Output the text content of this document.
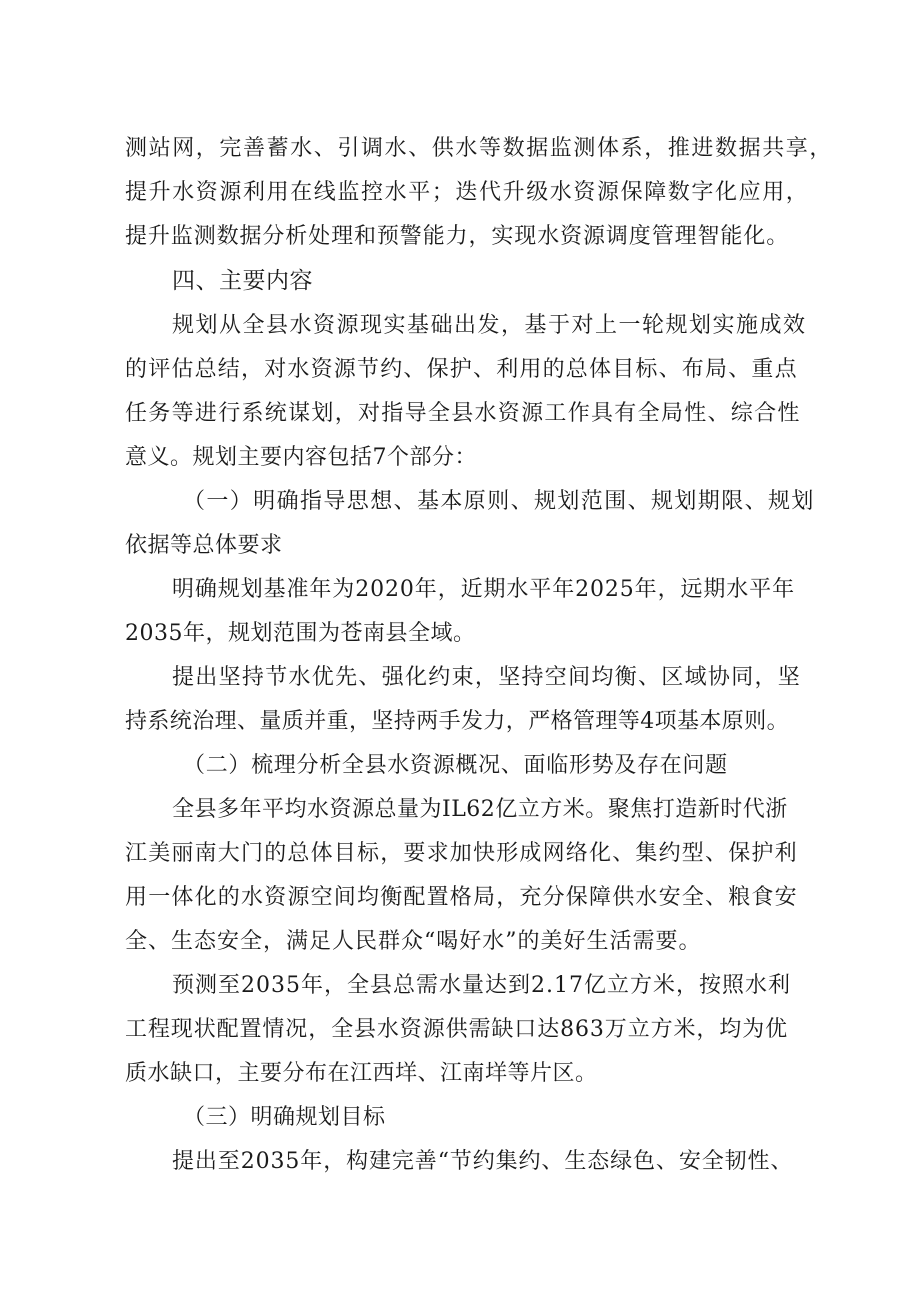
测站网，完善蓄水、引调水、供水等数据监测体系，推进数据共享，
提升水资源利用在线监控水平；迭代升级水资源保障数字化应用，
提升监测数据分析处理和预警能力，实现水资源调度管理智能化。
四、主要内容
规划从全县水资源现实基础出发，基于对上一轮规划实施成效
的评估总结，对水资源节约、保护、利用的总体目标、布局、重点
任务等进行系统谋划，对指导全县水资源工作具有全局性、综合性
意义。规划主要内容包括7个部分：
（一）明确指导思想、基本原则、规划范围、规划期限、规划
依据等总体要求
明确规划基准年为2020年，近期水平年2025年，远期水平年
2035年，规划范围为苍南县全域。
提出坚持节水优先、强化约束，坚持空间均衡、区域协同，坚
持系统治理、量质并重，坚持两手发力，严格管理等4项基本原则。
（二）梳理分析全县水资源概况、面临形势及存在问题
全县多年平均水资源总量为IL62亿立方米。聚焦打造新时代浙
江美丽南大门的总体目标，要求加快形成网络化、集约型、保护利
用一体化的水资源空间均衡配置格局，充分保障供水安全、粮食安
全、生态安全，满足人民群众“喝好水”的美好生活需要。
预测至2035年，全县总需水量达到2.17亿立方米，按照水利
工程现状配置情况，全县水资源供需缺口达863万立方米，均为优
质水缺口，主要分布在江西垟、江南垟等片区。
（三）明确规划目标
提出至2035年，构建完善“节约集约、生态绿色、安全韧性、
